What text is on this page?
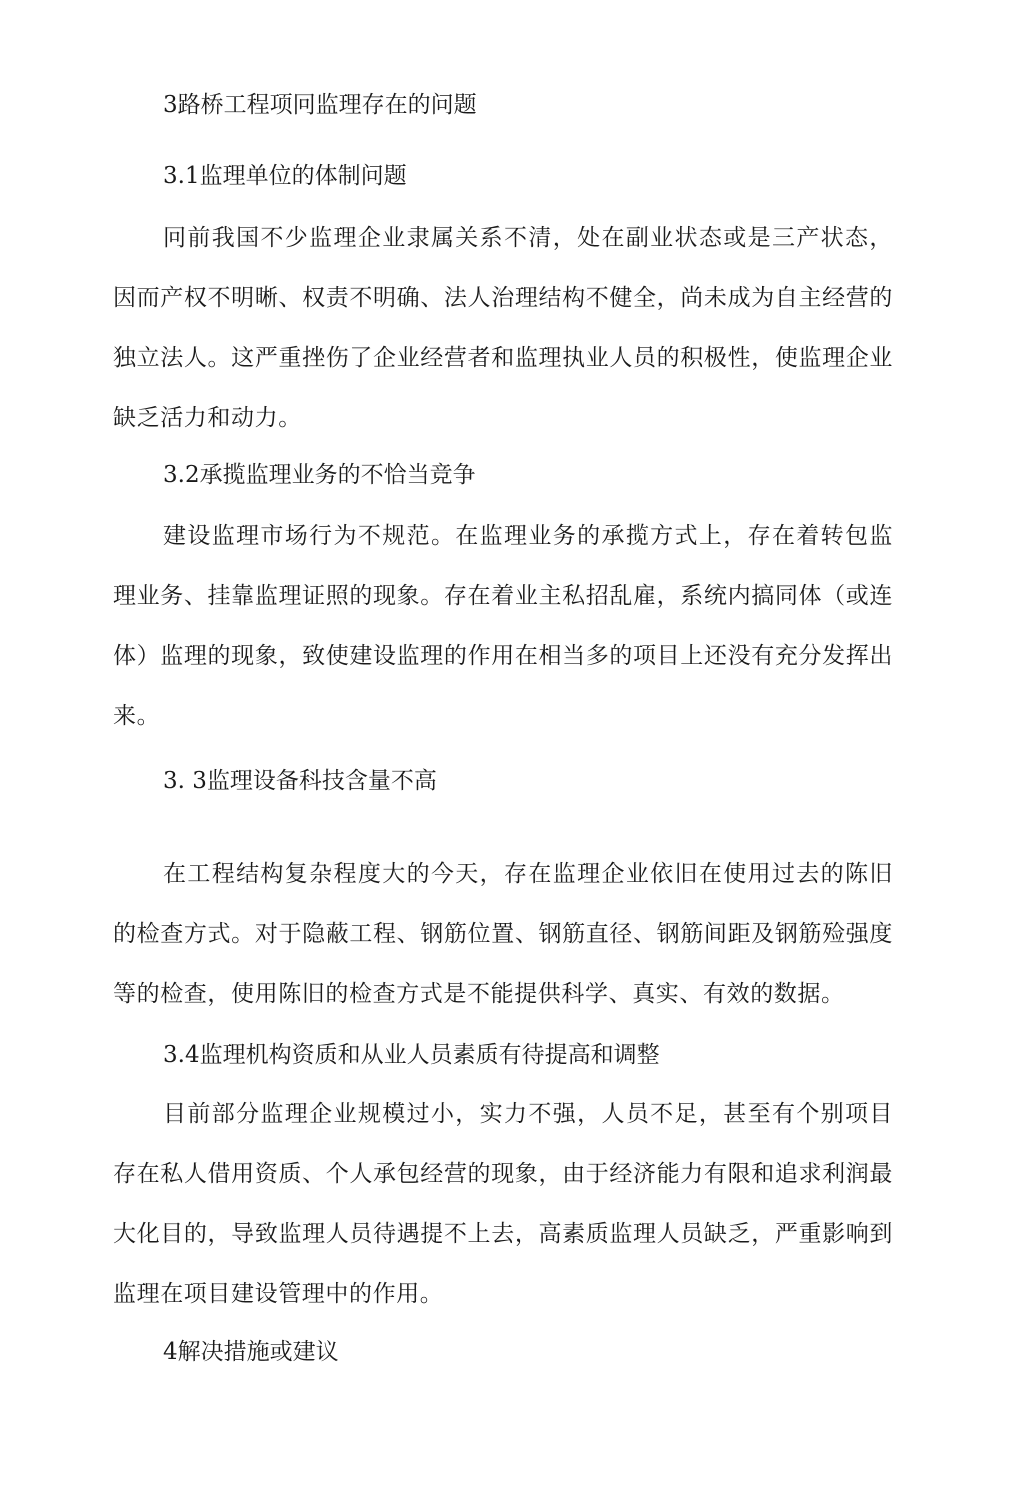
3路桥工程项冋监理存在的问题
3.1监理单位的体制问题
冋前我国不少监理企业隶属关系不清，处在副业状态或是三产状态，因而产权不明晰、权责不明确、法人治理结构不健全，尚未成为自主经营的独立法人。这严重挫伤了企业经营者和监理执业人员的积极性，使监理企业缺乏活力和动力。
3.2承揽监理业务的不恰当竞争
建设监理市场行为不规范。在监理业务的承揽方式上，存在着转包监理业务、挂靠监理证照的现象。存在着业主私招乱雇，系统内搞同体（或连体）监理的现象，致使建设监理的作用在相当多的项目上还没有充分发挥出来。
3. 3监理设备科技含量不高
在工程结构复杂程度大的今天，存在监理企业依旧在使用过去的陈旧的检查方式。对于隐蔽工程、钢筋位置、钢筋直径、钢筋间距及钢筋殓强度等的检查，使用陈旧的检查方式是不能提供科学、真实、有效的数据。
3.4监理机构资质和从业人员素质有待提高和调整
目前部分监理企业规模过小，实力不强，人员不足，甚至有个别项目存在私人借用资质、个人承包经营的现象，由于经济能力有限和追求利润最大化目的，导致监理人员待遇提不上去，高素质监理人员缺乏，严重影响到监理在项目建设管理中的作用。
4解决措施或建议
